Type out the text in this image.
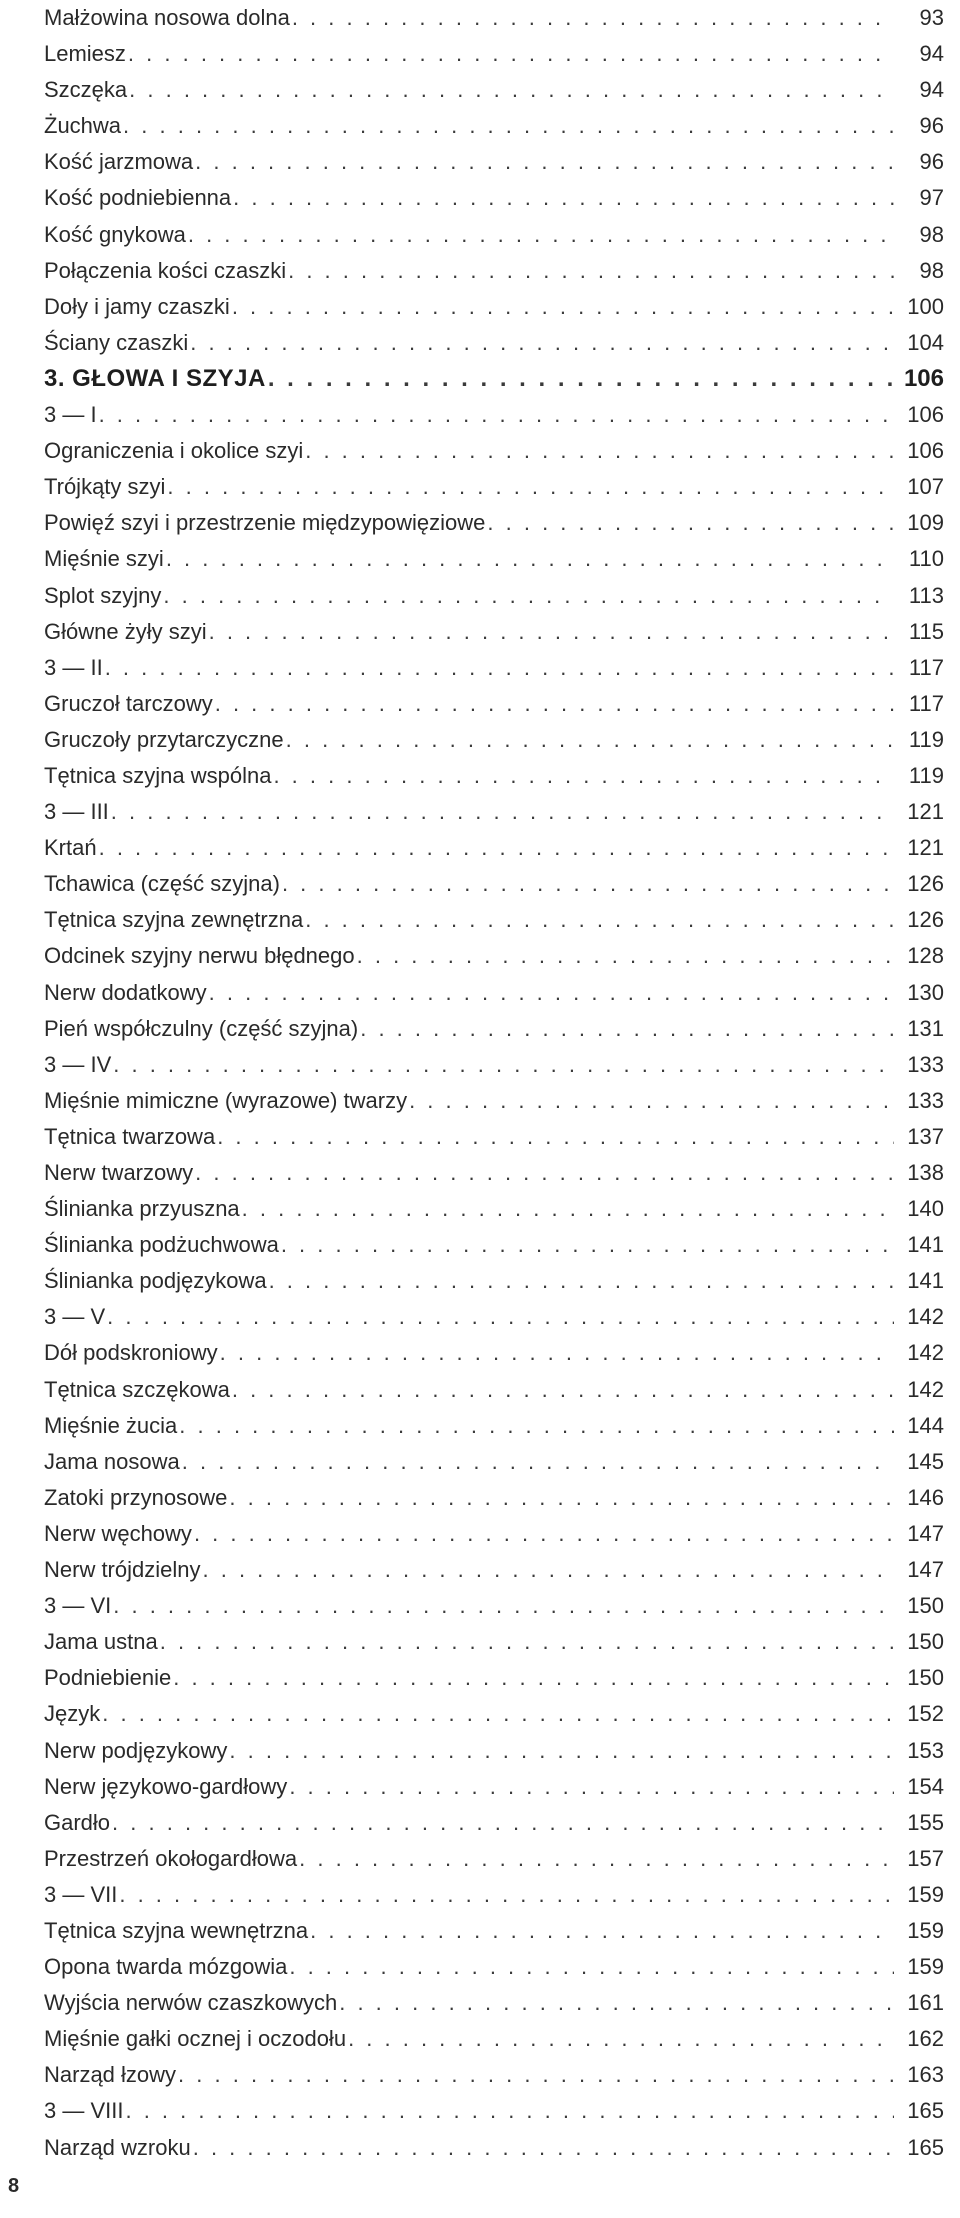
Małżowina nosowa dolna . . .	93
Lemiesz . . .	94
Szczęka . . .	94
Żuchwa . . .	96
Kość jarzmowa . . .	96
Kość podniebienna . . .	97
Kość gnykowa . . .	98
Połączenia kości czaszki . . .	98
Doły i jamy czaszki . . .	100
Ściany czaszki . . .	104
3. GŁOWA I SZYJA . . .	106
3 — I . . .	106
Ograniczenia i okolice szyi . . .	106
Trójkąty szyi . . .	107
Powięź szyi i przestrzenie międzypowięziowe . . .	109
Mięśnie szyi . . .	110
Splot szyjny . . .	113
Główne żyły szyi . . .	115
3 — II . . .	117
Gruczoł tarczowy . . .	117
Gruczoły przytarczyczne . . .	119
Tętnica szyjna wspólna . . .	119
3 — III . . .	121
Krtań . . .	121
Tchawica (część szyjna) . . .	126
Tętnica szyjna zewnętrzna . . .	126
Odcinek szyjny nerwu błędnego . . .	128
Nerw dodatkowy . . .	130
Pień współczulny (część szyjna) . . .	131
3 — IV . . .	133
Mięśnie mimiczne (wyrazowe) twarzy . . .	133
Tętnica twarzowa . . .	137
Nerw twarzowy . . .	138
Ślinianka przyuszna . . .	140
Ślinianka podżuchwowa . . .	141
Ślinianka podjęzykowa . . .	141
3 — V . . .	142
Dół podskroniowy . . .	142
Tętnica szczękowa . . .	142
Mięśnie żucia . . .	144
Jama nosowa . . .	145
Zatoki przynosowe . . .	146
Nerw węchowy . . .	147
Nerw trójdzielny . . .	147
3 — VI . . .	150
Jama ustna . . .	150
Podniebienie . . .	150
Język . . .	152
Nerw podjęzykowy . . .	153
Nerw językowo-gardłowy . . .	154
Gardło . . .	155
Przestrzeń okołogardłowa . . .	157
3 — VII . . .	159
Tętnica szyjna wewnętrzna . . .	159
Opona twarda mózgowia . . .	159
Wyjścia nerwów czaszkowych . . .	161
Mięśnie gałki ocznej i oczodołu . . .	162
Narząd łzowy . . .	163
3 — VIII . . .	165
Narząd wzroku . . .	165
8
